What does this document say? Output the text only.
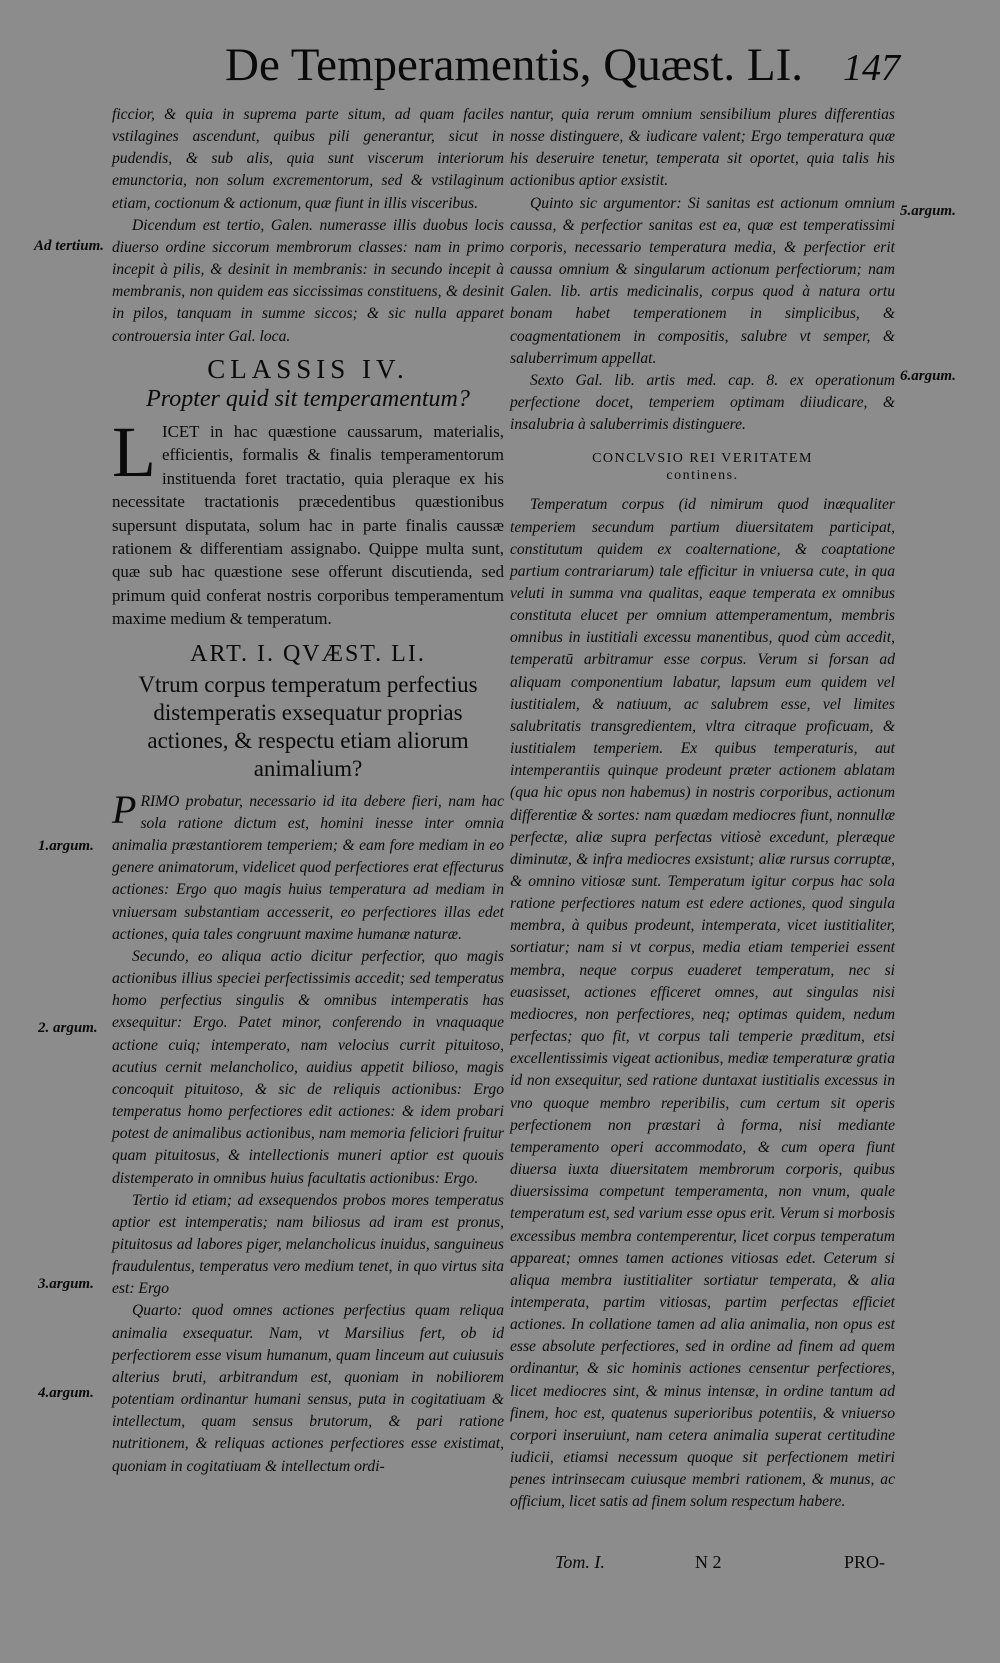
De Temperamentis, Quæst. LI. 147
Ad tertium.
1.argum.
2. argum.
3.argum.
4.argum.
5.argum.
6.argum.

ficcior, & quia in suprema parte situm, ad quam faciles vstilagines ascendunt, quibus pili generantur, sicut in pudendis, & sub alis, quia sunt viscerum interiorum emunctoria, non solum excrementorum, sed & vstilaginum etiam, coctionum & actionum, quæ fiunt in illis visceribus.

Dicendum est tertio, Galen. numerasse illis duobus locis diuerso ordine siccorum membrorum classes: nam in primo incepit à pilis, & desinit in membranis: in secundo incepit à membranis, non quidem eas siccissimas constituens, & desinit in pilos, tanquam in summe siccos; & sic nulla apparet controuersia inter Gal. loca.

CLASSIS IV.
Propter quid sit temperamentum?

LICET in hac quæstione caussarum, materialis, efficientis, formalis & finalis temperamentorum instituenda foret tractatio, quia pleraque ex his necessitate tractationis præcedentibus quæstionibus supersunt disputata, solum hac in parte finalis caussæ rationem & differentiam assignabo. Quippe multa sunt, quæ sub hac quæstione sese offerunt discutienda, sed primum quid conferat nostris corporibus temperamentum maxime medium & temperatum.

ART. I. QVÆST. LI.
Vtrum corpus temperatum perfectius distemperatis exsequatur proprias actiones, & respectu etiam aliorum animalium?

PRIMO probatur, necessario id ita debere fieri, nam hac sola ratione dictum est, homini inesse inter omnia animalia præstantiorem temperiem; & eam fore mediam in eo genere animatorum, videlicet quod perfectiores erat effecturus actiones: Ergo quo magis huius temperatura ad mediam in vniuersam substantiam accesserit, eo perfectiores illas edet actiones, quia tales congruunt maxime humanæ naturæ.

Secundo, eo aliqua actio dicitur perfectior, quo magis actionibus illius speciei perfectissimis accedit; sed temperatus homo perfectius singulis & omnibus intemperatis has exsequitur: Ergo. Patet minor, conferendo in vnaquaque actione cuiq; intemperato, nam velocius currit pituitoso, acutius cernit melancholico, auidius appetit bilioso, magis concoquit pituitoso, & sic de reliquis actionibus: Ergo temperatus homo perfectiores edit actiones: & idem probari potest de animalibus actionibus, nam memoria feliciori fruitur quam pituitosus, & intellectionis muneri aptior est quouis distemperato in omnibus huius facultatis actionibus: Ergo.

Tertio id etiam; ad exsequendos probos mores temperatus aptior est intemperatis; nam biliosus ad iram est pronus, pituitosus ad labores piger, melancholicus inuidus, sanguineus fraudulentus, temperatus vero medium tenet, in quo virtus sita est: Ergo

Quarto: quod omnes actiones perfectius quam reliqua animalia exsequatur. Nam, vt Marsilius fert, ob id perfectiorem esse visum humanum, quam linceum aut cuiusuis alterius bruti, arbitrandum est, quoniam in nobiliorem potentiam ordinantur humani sensus, puta in cogitatiuam & intellectum, quam sensus brutorum, & pari ratione nutritionem, & reliquas actiones perfectiores esse existimat, quoniam in cogitatiuam & intellectum ordi-

nantur, quia rerum omnium sensibilium plures differentias nosse distinguere, & iudicare valent; Ergo temperatura quæ his deseruire tenetur, temperata sit oportet, quia talis his actionibus aptior exsistit.

Quinto sic argumentor: Si sanitas est actionum omnium caussa, & perfectior sanitas est ea, quæ est temperatissimi corporis, necessario temperatura media, & perfectior erit caussa omnium & singularum actionum perfectiorum; nam Galen. lib. artis medicinalis, corpus quod à natura ortu bonam habet temperationem in simplicibus, & coagmentationem in compositis, salubre vt semper, & saluberrimum appellat.

Sexto Gal. lib. artis med. cap. 8. ex operationum perfectione docet, temperiem optimam diiudicare, & insalubria à saluberrimis distinguere.

CONCLVSIO REI VERITATEM
continens.

Temperatum corpus (id nimirum quod inæqualiter temperiem secundum partium diuersitatem participat, constitutum quidem ex coalternatione, & coaptatione partium contrariarum) tale efficitur in vniuersa cute, in qua veluti in summa vna qualitas, eaque temperata ex omnibus constituta elucet per omnium attemperamentum, membris omnibus in iustitiali excessu manentibus, quod cùm accedit, temperatū arbitramur esse corpus. Verum si forsan ad aliquam componentium labatur, lapsum eum quidem vel iustitialem, & natiuum, ac salubrem esse, vel limites salubritatis transgredientem, vltra citraque proficuam, & iustitialem temperiem. Ex quibus temperaturis, aut intemperantiis quinque prodeunt præter actionem ablatam (qua hic opus non habemus) in nostris corporibus, actionum differentiæ & sortes: nam quædam mediocres fiunt, nonnullæ perfectæ, aliæ supra perfectas vitiosè excedunt, pleræque diminutæ, & infra mediocres exsistunt; aliæ rursus corruptæ, & omnino vitiosæ sunt. Temperatum igitur corpus hac sola ratione perfectiores natum est edere actiones, quod singula membra, à quibus prodeunt, intemperata, vicet iustitialiter, sortiatur; nam si vt corpus, media etiam temperiei essent membra, neque corpus euaderet temperatum, nec si euasisset, actiones efficeret omnes, aut singulas nisi mediocres, non perfectiores, neq; optimas quidem, nedum perfectas; quo fit, vt corpus tali temperie præditum, etsi excellentissimis vigeat actionibus, mediæ temperaturæ gratia id non exsequitur, sed ratione duntaxat iustitialis excessus in vno quoque membro reperibilis, cum certum sit operis perfectionem non præstari à forma, nisi mediante temperamento operi accommodato, & cum opera fiunt diuersa iuxta diuersitatem membrorum corporis, quibus diuersissima competunt temperamenta, non vnum, quale temperatum est, sed varium esse opus erit. Verum si morbosis excessibus membra contemperentur, licet corpus temperatum appareat; omnes tamen actiones vitiosas edet. Ceterum si aliqua membra iustitialiter sortiatur temperata, & alia intemperata, partim vitiosas, partim perfectas efficiet actiones. In collatione tamen ad alia animalia, non opus est esse absolute perfectiores, sed in ordine ad finem ad quem ordinantur, & sic hominis actiones censentur perfectiores, licet mediocres sint, & minus intensæ, in ordine tantum ad finem, hoc est, quatenus superioribus potentiis, & vniuerso corpori inseruiunt, nam cetera animalia superat certitudine iudicii, etiamsi necessum quoque sit perfectionem metiri penes intrinsecam cuiusque membri rationem, & munus, ac officium, licet satis ad finem solum respectum habere.

Tom. I.	N 2	PRO-
